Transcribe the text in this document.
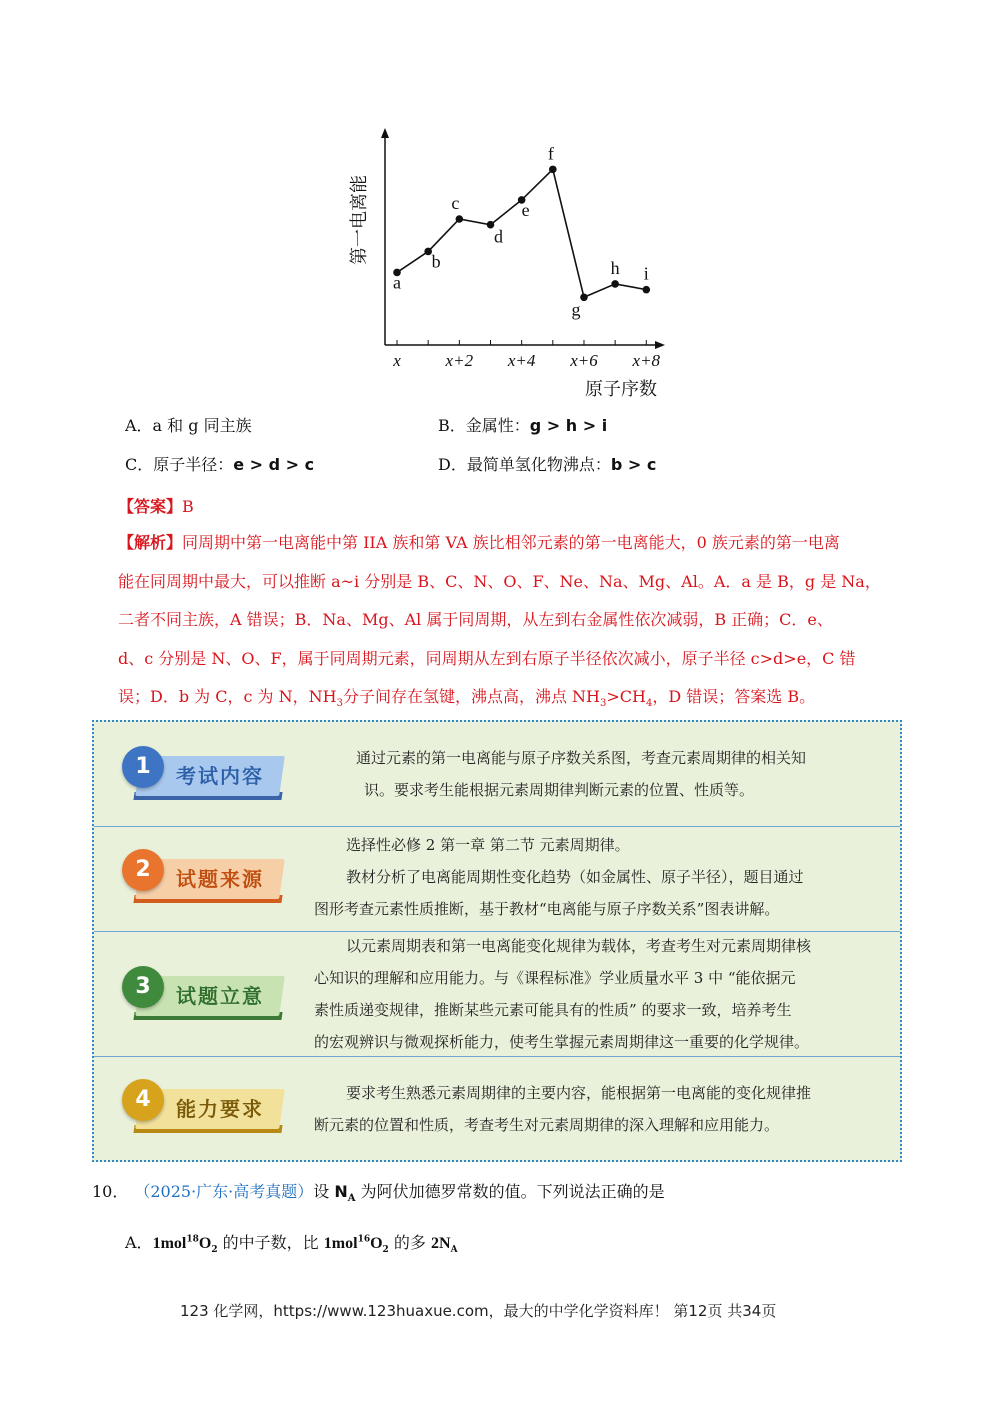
x	x+2 x+4 x+6 x+8
第一电离能
原子序数
a
b
c
d
e
f
g
h i
A．a 和 g 同主族	B．金属性：g > h > i
C．原子半径：e > d > c	D．最简单氢化物沸点：b > c
【答案】B

【解析】同周期中第一电离能中第 IIA 族和第 VA 族比相邻元素的第一电离能大，0 族元素的第一电离

能在同周期中最大，可以推断 a~i 分别是 B、C、N、O、F、Ne、Na、Mg、Al。A．a 是 B，g 是 Na，

二者不同主族，A 错误；B．Na、Mg、Al 属于同周期，从左到右金属性依次减弱，B 正确；C．e、

d、c 分别是 N、O、F，属于同周期元素，同周期从左到右原子半径依次减小，原子半径 c>d>e，C 错

误；D．b 为 C，c 为 N，$NH_3$分子间存在氢键，沸点高，沸点 $NH_3>CH_4$，D 错误；答案选 B。

1	考试内容

通过元素的第一电离能与原子序数关系图，考查元素周期律的相关知

识。要求考生能根据元素周期律判断元素的位置、性质等。

2	试题来源

选择性必修 2 第一章 第二节 元素周期律。

教材分析了电离能周期性变化趋势（如金属性、原子半径），题目通过

图形考查元素性质推断，基于教材“电离能与原子序数关系”图表讲解。

3	试题立意

以元素周期表和第一电离能变化规律为载体，考查考生对元素周期律核

心知识的理解和应用能力。与《课程标准》学业质量水平 3 中 “能依据元

素性质递变规律，推断某些元素可能具有的性质” 的要求一致，培养考生

的宏观辨识与微观探析能力，使考生掌握元素周期律这一重要的化学规律。

4	能力要求

要求考生熟悉元素周期律的主要内容，能根据第一电离能的变化规律推

断元素的位置和性质，考查考生对元素周期律的深入理解和应用能力。

10． （2025·广东·高考真题）设 $N_A$ 为阿伏加德罗常数的值。下列说法正确的是
A．$1mol^{18}O_2$ 的中子数，比 $1mol^{16}O_2$ 的多 $2N_A$
123 化学网，https://www.123huaxue.com，最大的中学化学资料库！ 第12页 共34页
